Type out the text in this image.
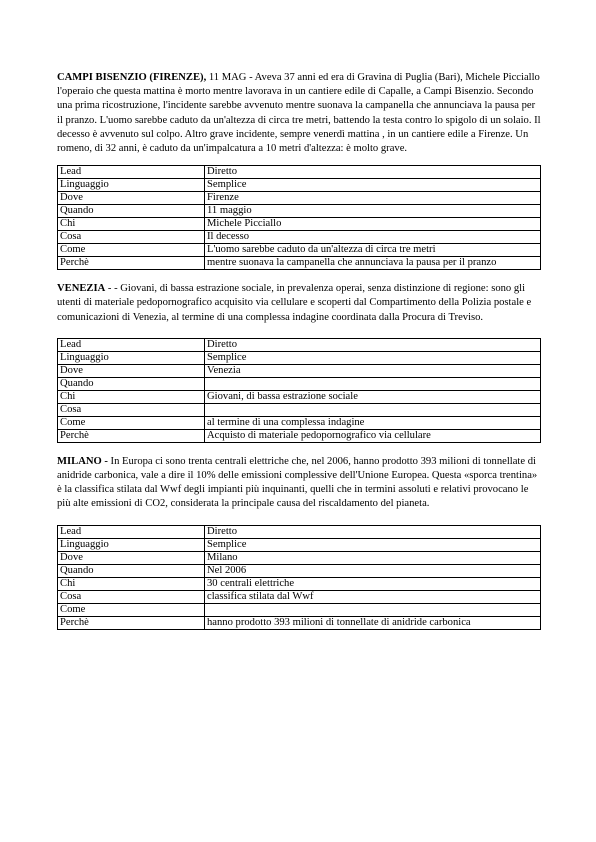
CAMPI BISENZIO (FIRENZE), 11 MAG - Aveva 37 anni ed era di Gravina di Puglia (Bari), Michele Picciallo l'operaio che questa mattina è morto mentre lavorava in un cantiere edile di Capalle, a Campi Bisenzio. Secondo una prima ricostruzione, l'incidente sarebbe avvenuto mentre suonava la campanella che annunciava la pausa per il pranzo. L'uomo sarebbe caduto da un'altezza di circa tre metri, battendo la testa contro lo spigolo di un solaio. Il decesso è avvenuto sul colpo. Altro grave incidente, sempre venerdì mattina , in un cantiere edile a Firenze. Un romeno, di 32 anni, è caduto da un'impalcatura a 10 metri d'altezza: è molto grave.

Lead	Diretto
Linguaggio	Semplice
Dove	Firenze
Quando	11 maggio
Chi	Michele Picciallo
Cosa	Il decesso
Come	L'uomo sarebbe caduto da un'altezza di circa tre metri
Perchè	mentre suonava la campanella che annunciava la pausa per il pranzo

VENEZIA - - Giovani, di bassa estrazione sociale, in prevalenza operai, senza distinzione di regione: sono gli utenti di materiale pedopornografico acquisito via cellulare e scoperti dal Compartimento della Polizia postale e comunicazioni di Venezia, al termine di una complessa indagine coordinata dalla Procura di Treviso.

Lead	Diretto
Linguaggio	Semplice
Dove	Venezia
Quando	
Chi	Giovani, di bassa estrazione sociale
Cosa	
Come	al termine di una complessa indagine
Perchè	Acquisto di materiale pedopornografico via cellulare

MILANO - In Europa ci sono trenta centrali elettriche che, nel 2006, hanno prodotto 393 milioni di tonnellate di anidride carbonica, vale a dire il 10% delle emissioni complessive dell'Unione Europea. Questa «sporca trentina» è la classifica stilata dal Wwf degli impianti più inquinanti, quelli che in termini assoluti e relativi provocano le più alte emissioni di CO2, considerata la principale causa del riscaldamento del pianeta.

Lead	Diretto
Linguaggio	Semplice
Dove	Milano
Quando	Nel 2006
Chi	30 centrali elettriche
Cosa	classifica stilata dal Wwf
Come	
Perchè	hanno prodotto 393 milioni di tonnellate di anidride carbonica
